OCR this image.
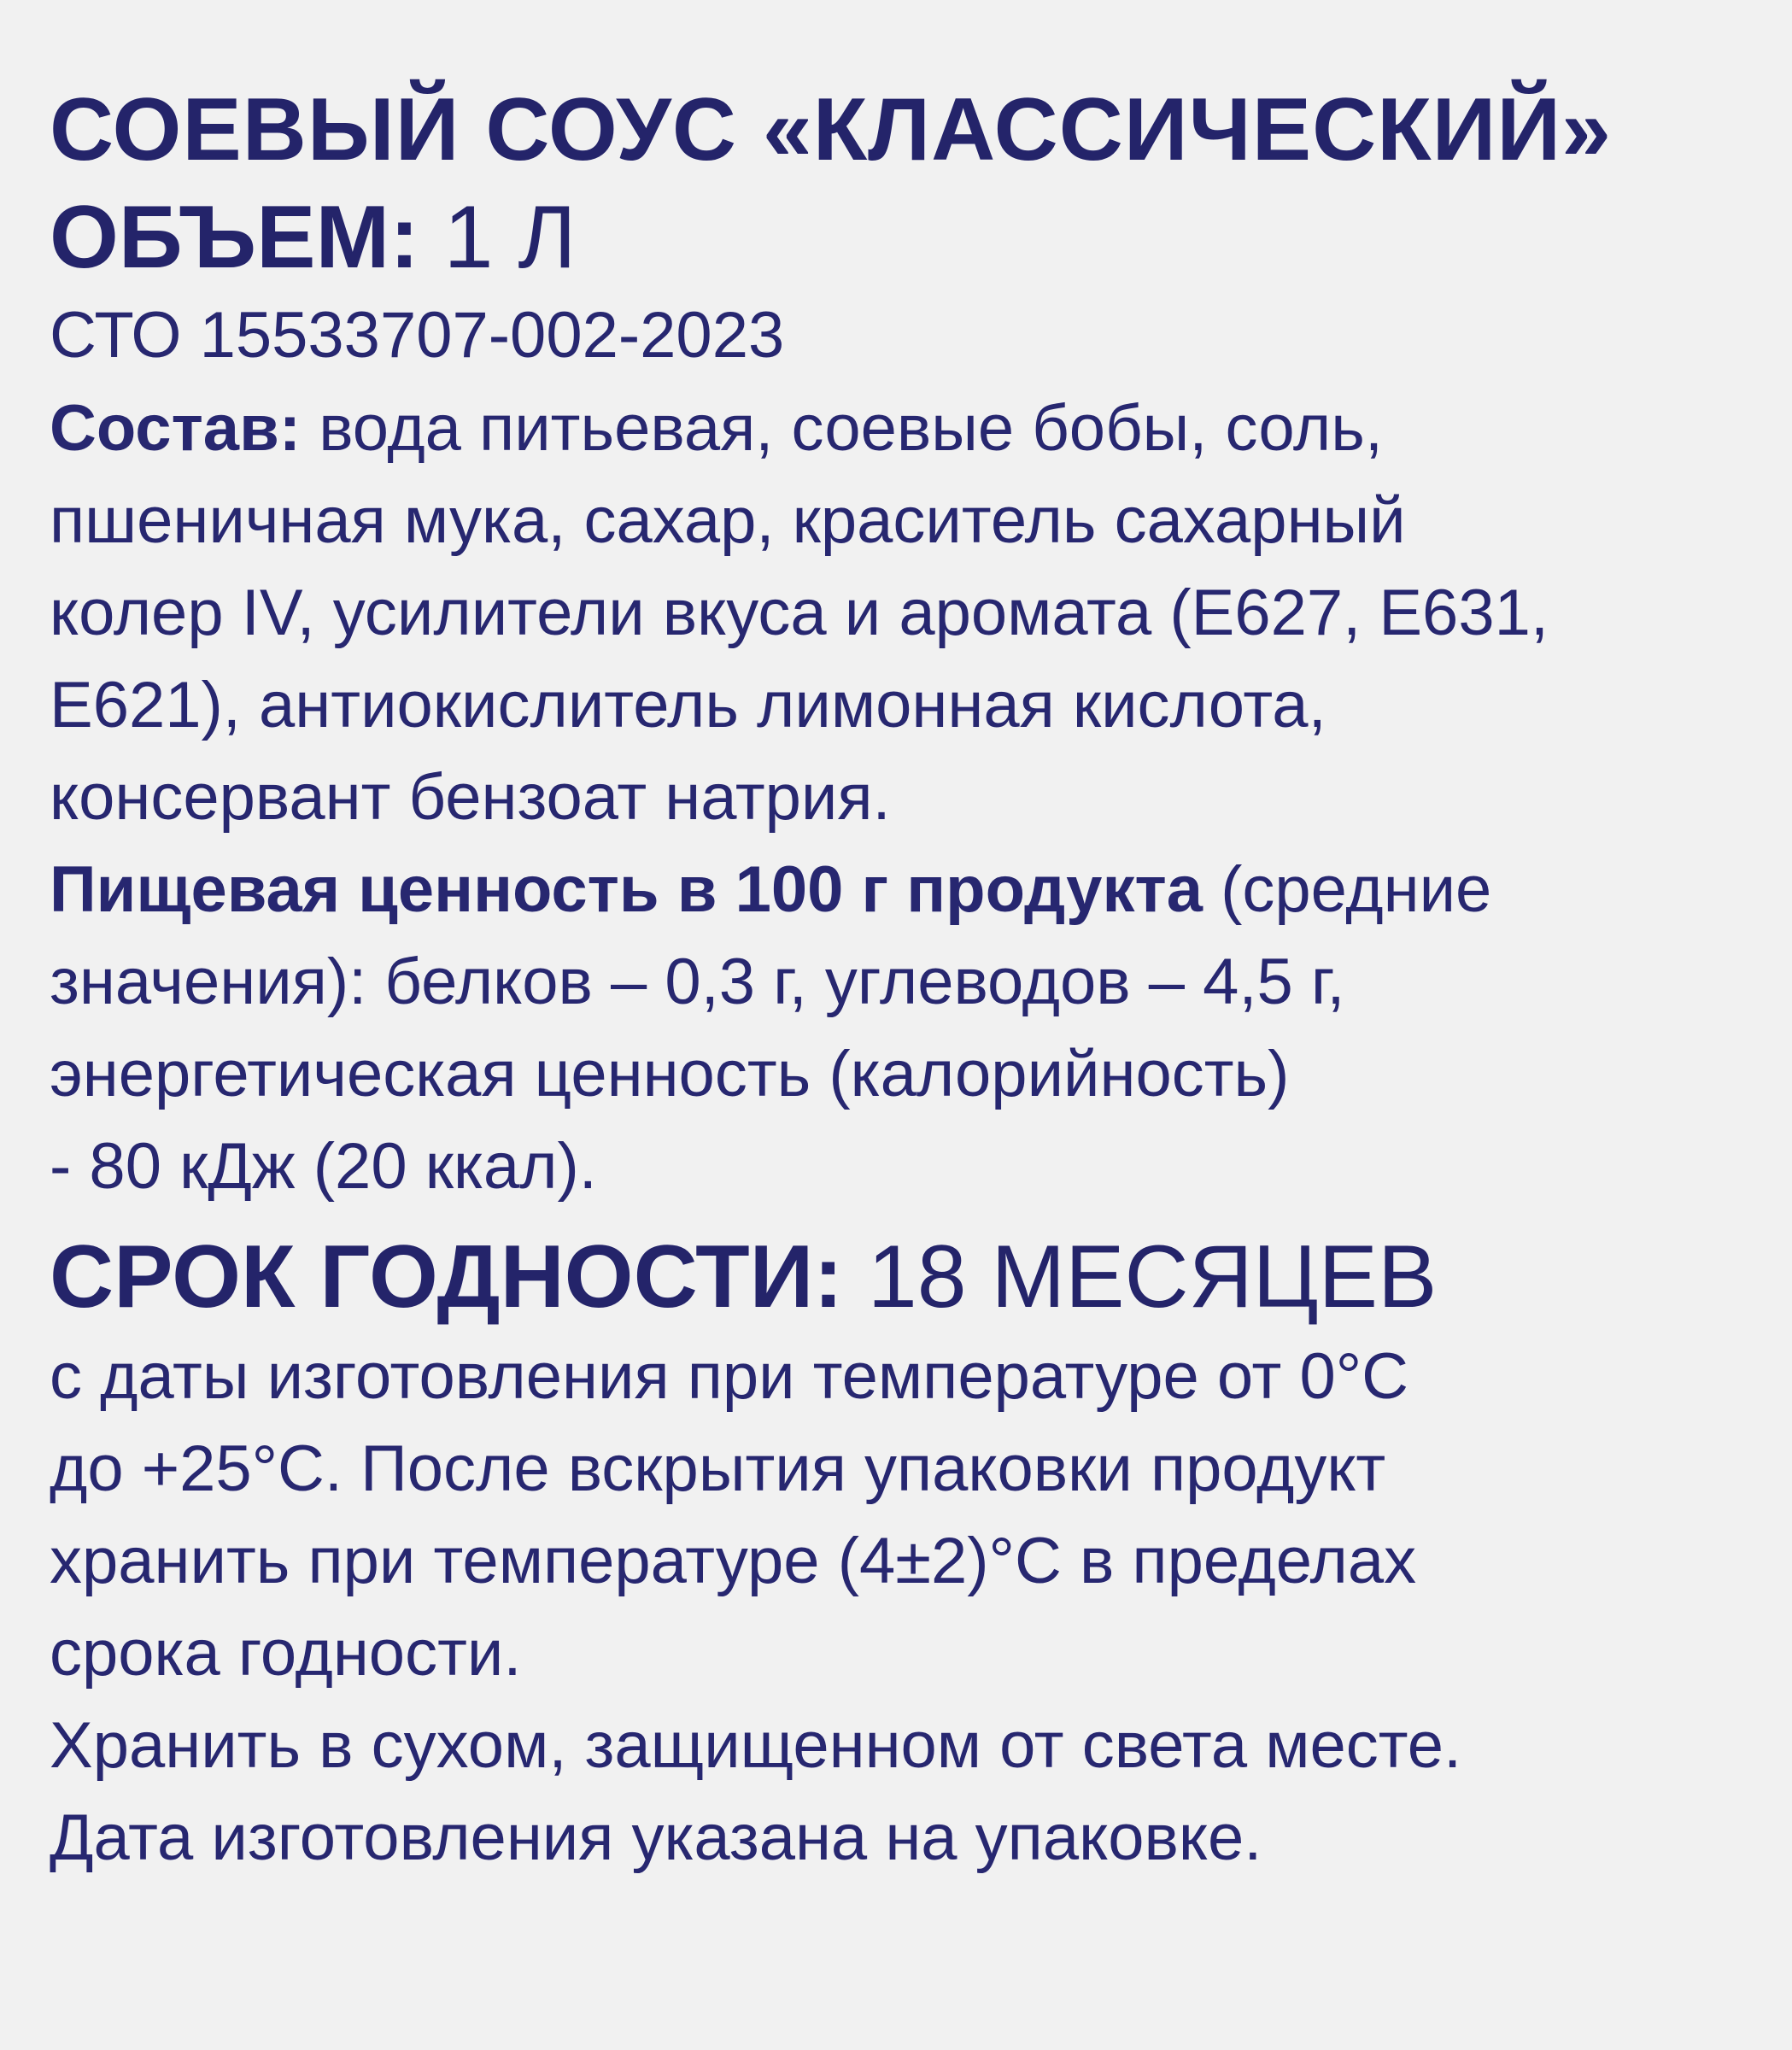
СОЕВЫЙ СОУС «КЛАССИЧЕСКИЙ»
ОБЪЕМ: 1 Л
СТО 15533707-002-2023
Состав: вода питьевая, соевые бобы, соль,
пшеничная мука, сахар, краситель сахарный
колер IV, усилители вкуса и аромата (Е627, Е631,
Е621), антиокислитель лимонная кислота,
консервант бензоат натрия.
Пищевая ценность в 100 г продукта (средние
значения): белков – 0,3 г, углеводов – 4,5 г,
энергетическая ценность (калорийность)
- 80 кДж (20 ккал).
СРОК ГОДНОСТИ: 18 МЕСЯЦЕВ
с даты изготовления при температуре от 0°С
до +25°С. После вскрытия упаковки продукт
хранить при температуре (4±2)°С в пределах
срока годности.
Хранить в сухом, защищенном от света месте.
Дата изготовления указана на упаковке.
